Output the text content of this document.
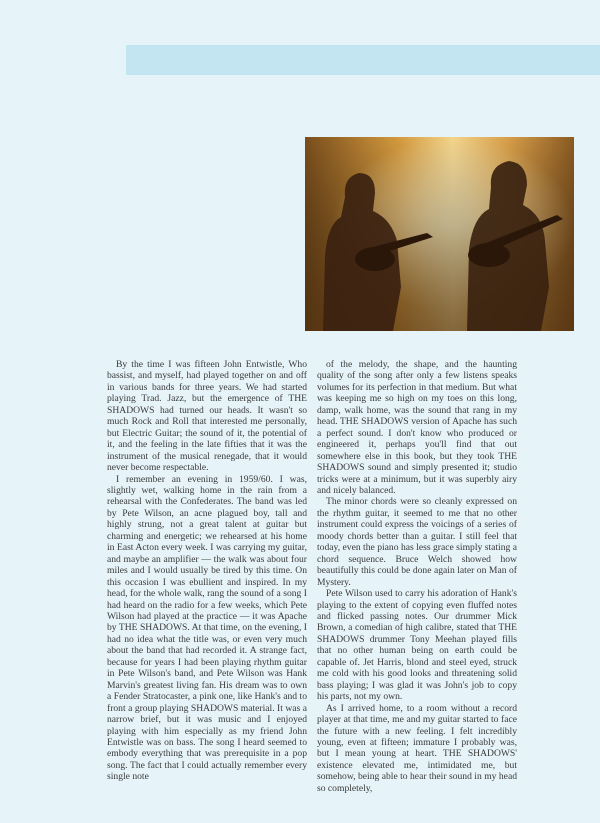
By the time I was fifteen John Entwistle, Who bassist, and myself, had played together on and off in various bands for three years. We had started playing Trad. Jazz, but the emergence of THE SHADOWS had turned our heads. It wasn't so much Rock and Roll that interested me personally, but Electric Guitar; the sound of it, the potential of it, and the feeling in the late fifties that it was the instrument of the musical renegade, that it would never become respectable.

I remember an evening in 1959/60. I was, slightly wet, walking home in the rain from a rehearsal with the Confederates. The band was led by Pete Wilson, an acne plagued boy, tall and highly strung, not a great talent at guitar but charming and energetic; we rehearsed at his home in East Acton every week. I was carrying my guitar, and maybe an amplifier — the walk was about four miles and I would usually be tired by this time. On this occasion I was ebullient and inspired. In my head, for the whole walk, rang the sound of a song I had heard on the radio for a few weeks, which Pete Wilson had played at the practice — it was Apache by THE SHADOWS. At that time, on the evening, I had no idea what the title was, or even very much about the band that had recorded it. A strange fact, because for years I had been playing rhythm guitar in Pete Wilson's band, and Pete Wilson was Hank Marvin's greatest living fan. His dream was to own a Fender Stratocaster, a pink one, like Hank's and to front a group playing SHADOWS material. It was a narrow brief, but it was music and I enjoyed playing with him especially as my friend John Entwistle was on bass. The song I heard seemed to embody everything that was prerequisite in a pop song. The fact that I could actually remember every single note

of the melody, the shape, and the haunting quality of the song after only a few listens speaks volumes for its perfection in that medium. But what was keeping me so high on my toes on this long, damp, walk home, was the sound that rang in my head. THE SHADOWS version of Apache has such a perfect sound. I don't know who produced or engineered it, perhaps you'll find that out somewhere else in this book, but they took THE SHADOWS sound and simply presented it; studio tricks were at a minimum, but it was superbly airy and nicely balanced.

The minor chords were so cleanly expressed on the rhythm guitar, it seemed to me that no other instrument could express the voicings of a series of moody chords better than a guitar. I still feel that today, even the piano has less grace simply stating a chord sequence. Bruce Welch showed how beautifully this could be done again later on Man of Mystery.

Pete Wilson used to carry his adoration of Hank's playing to the extent of copying even fluffed notes and flicked passing notes. Our drummer Mick Brown, a comedian of high calibre, stated that THE SHADOWS drummer Tony Meehan played fills that no other human being on earth could be capable of. Jet Harris, blond and steel eyed, struck me cold with his good looks and threatening solid bass playing; I was glad it was John's job to copy his parts, not my own.

As I arrived home, to a room without a record player at that time, me and my guitar started to face the future with a new feeling. I felt incredibly young, even at fifteen; immature I probably was, but I mean young at heart. THE SHADOWS' existence elevated me, intimidated me, but somehow, being able to hear their sound in my head so completely,
